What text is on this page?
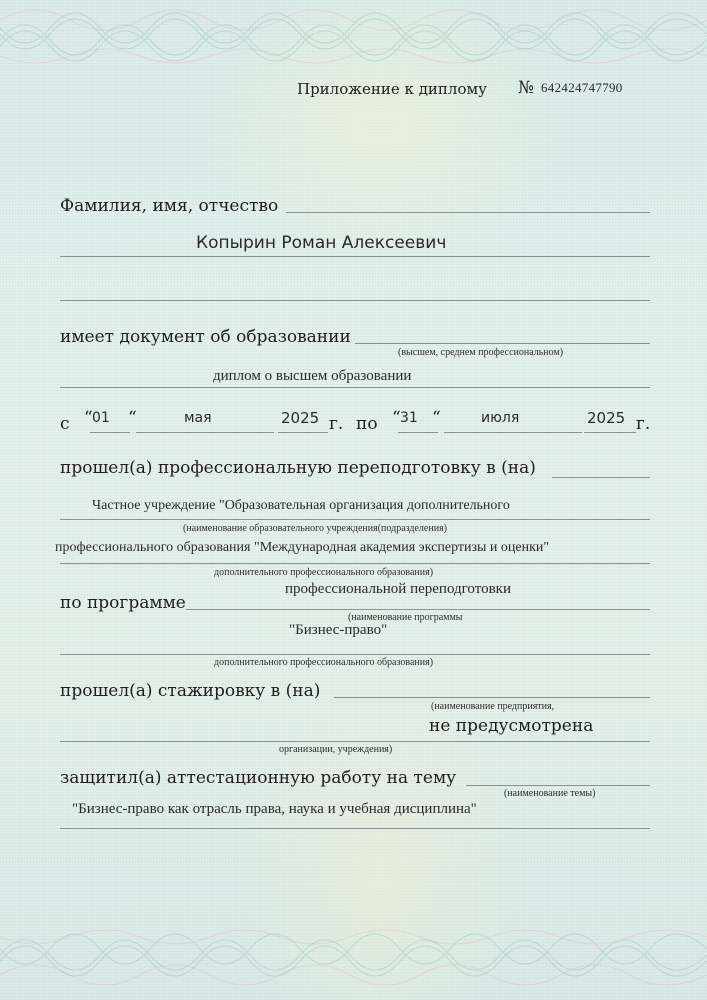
Приложение к диплому № 642424747790
Фамилия, имя, отчество
Копырин Роман Алексеевич
имеет документ об образовании
(высшем, среднем профессиональном)
диплом о высшем образовании
с “ 01 “	мая	2025 г. по “ 31 “	июля	2025 г.
прошел(а) профессиональную переподготовку в (на)
Частное учреждение "Образовательная организация дополнительного
(наименование образовательного учреждения(подразделения)
профессионального образования "Международная академия экспертизы и оценки"
дополнительного профессионального образования)
по программе
профессиональной переподготовки
(наименование программы
"Бизнес-право"
дополнительного профессионального образования)
прошел(а) стажировку в (на)
(наименование предприятия,
не предусмотрена
организации, учреждения)
защитил(а) аттестационную работу на тему
(наименование темы)
"Бизнес-право как отрасль права, наука и учебная дисциплина"
